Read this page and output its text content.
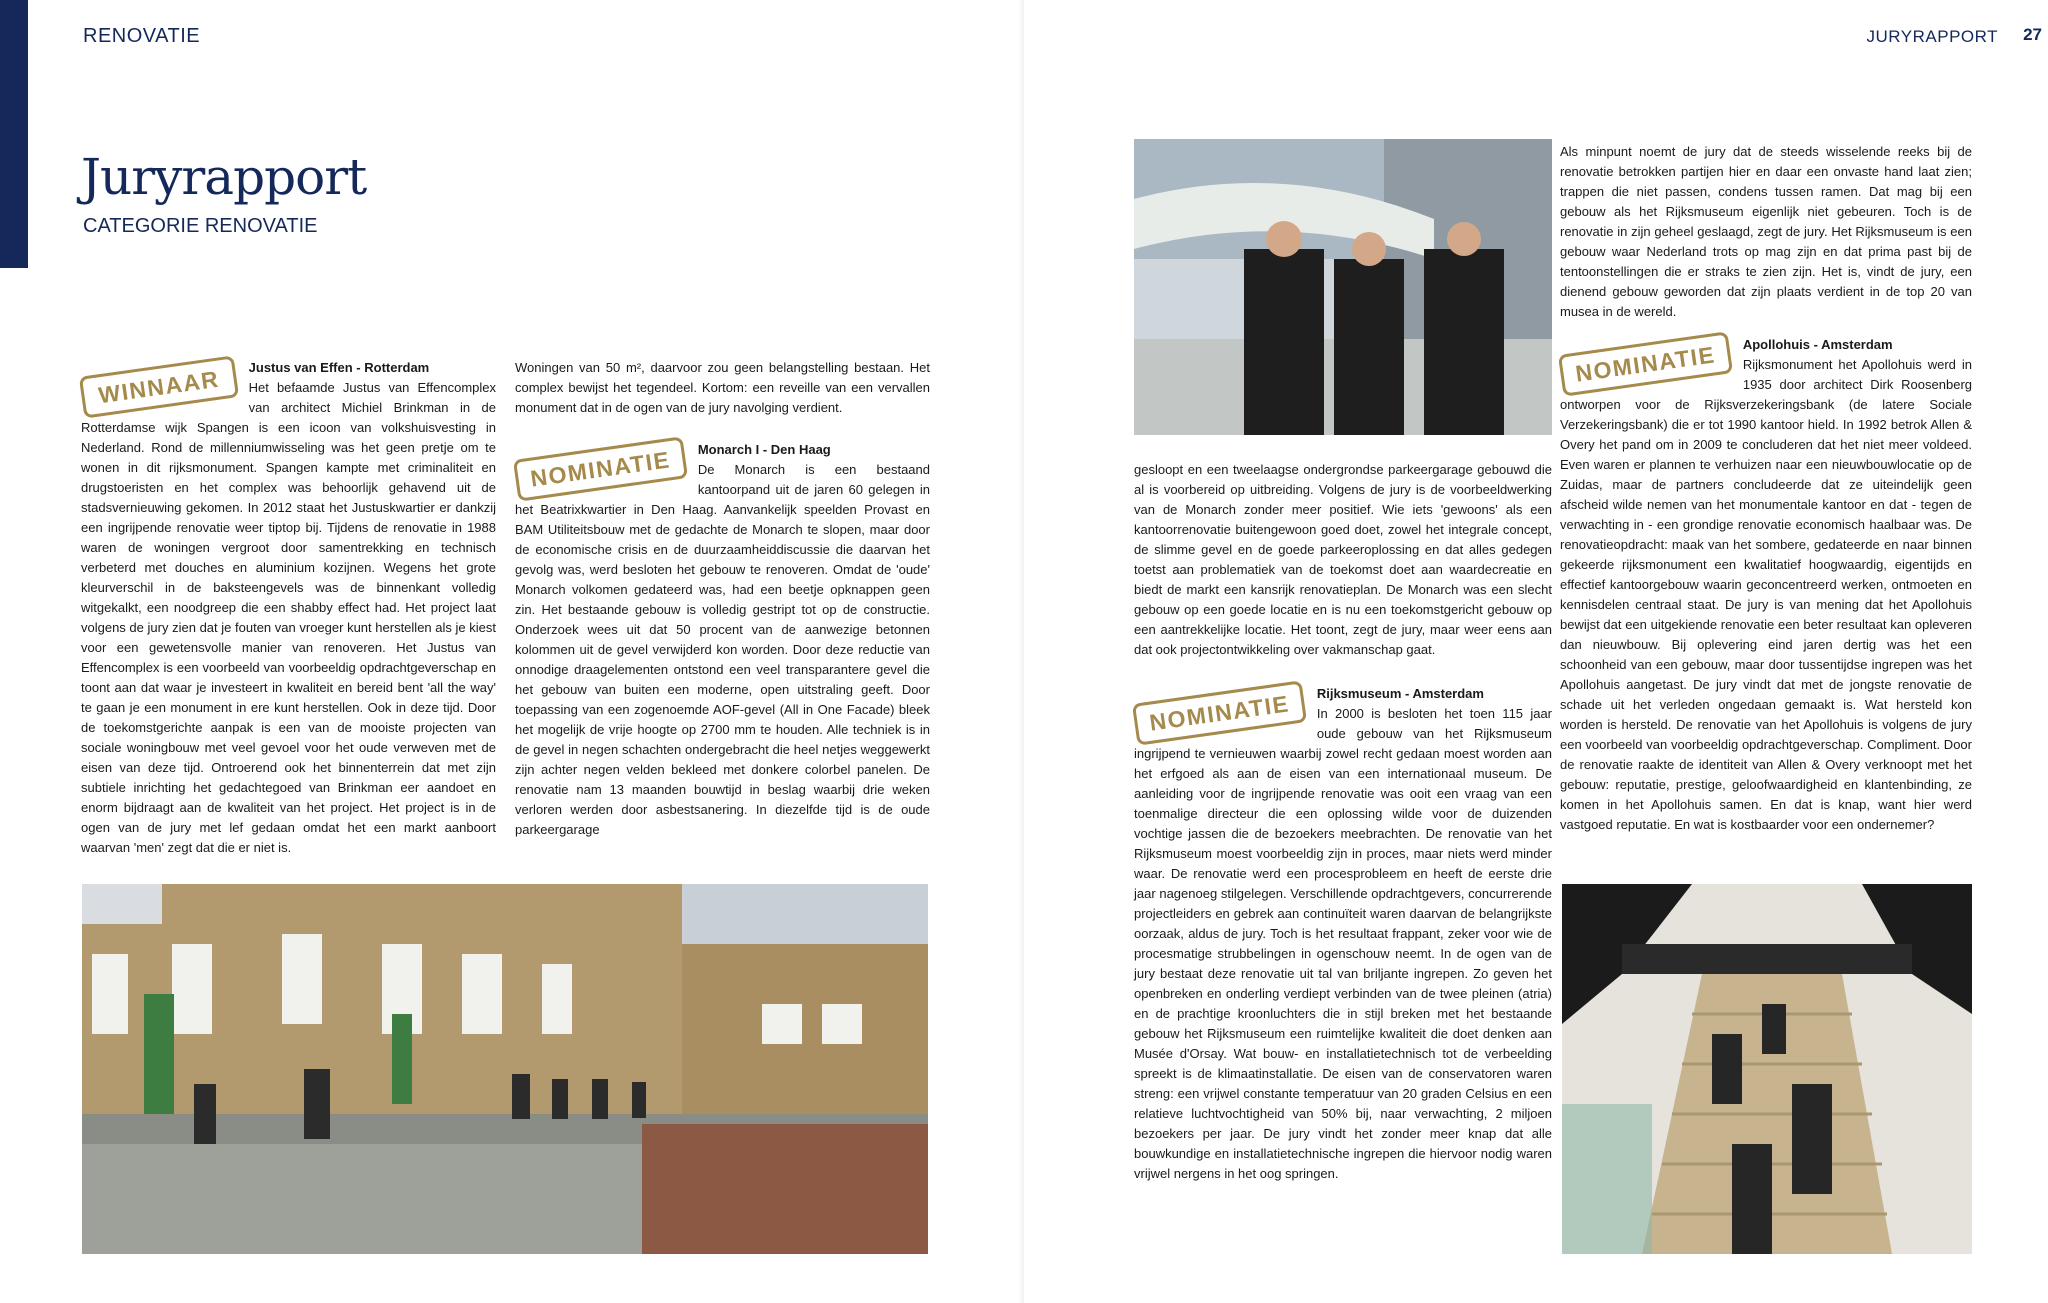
RENOVATIE
Juryrapport
CATEGORIE RENOVATIE
WINNAAR	Justus van Effen - Rotterdam

Het befaamde Justus van Effencomplex van architect Michiel Brinkman in de Rotterdamse wijk Spangen is een icoon van volkshuisvesting in Nederland. Rond de millenniumwisseling was het geen pretje om te wonen in dit rijksmonument. Spangen kampte met criminaliteit en drugstoeristen en het complex was behoorlijk gehavend uit de stadsvernieuwing gekomen. In 2012 staat het Justuskwartier er dankzij een ingrijpende renovatie weer tiptop bij. Tijdens de renovatie in 1988 waren de woningen vergroot door samentrekking en technisch verbeterd met douches en aluminium kozijnen. Wegens het grote kleurverschil in de baksteengevels was de binnenkant volledig witgekalkt, een noodgreep die een shabby effect had. Het project laat volgens de jury zien dat je fouten van vroeger kunt herstellen als je kiest voor een gewetensvolle manier van renoveren. Het Justus van Effencomplex is een voorbeeld van voorbeeldig opdrachtgeverschap en toont aan dat waar je investeert in kwaliteit en bereid bent 'all the way' te gaan je een monument in ere kunt herstellen. Ook in deze tijd. Door de toekomstgerichte aanpak is een van de mooiste projecten van sociale woningbouw met veel gevoel voor het oude verweven met de eisen van deze tijd. Ontroerend ook het binnenterrein dat met zijn subtiele inrichting het gedachtegoed van Brinkman eer aandoet en enorm bijdraagt aan de kwaliteit van het project. Het project is in de ogen van de jury met lef gedaan omdat het een markt aanboort waarvan 'men' zegt dat die er niet is.

Woningen van 50 m², daarvoor zou geen belangstelling bestaan. Het complex bewijst het tegendeel. Kortom: een reveille van een vervallen monument dat in de ogen van de jury navolging verdient.

NOMINATIE	Monarch I - Den Haag

De Monarch is een bestaand kantoorpand uit de jaren 60 gelegen in het Beatrixkwartier in Den Haag. Aanvankelijk speelden Provast en BAM Utiliteitsbouw met de gedachte de Monarch te slopen, maar door de economische crisis en de duurzaamheiddiscussie die daarvan het gevolg was, werd besloten het gebouw te renoveren. Omdat de 'oude' Monarch volkomen gedateerd was, had een beetje opknappen geen zin. Het bestaande gebouw is volledig gestript tot op de constructie. Onderzoek wees uit dat 50 procent van de aanwezige betonnen kolommen uit de gevel verwijderd kon worden. Door deze reductie van onnodige draagelementen ontstond een veel transparantere gevel die het gebouw van buiten een moderne, open uitstraling geeft. Door toepassing van een zogenoemde AOF-gevel (All in One Facade) bleek het mogelijk de vrije hoogte op 2700 mm te houden. Alle techniek is in de gevel in negen schachten ondergebracht die heel netjes weggewerkt zijn achter negen velden bekleed met donkere colorbel panelen. De renovatie nam 13 maanden bouwtijd in beslag waarbij drie weken verloren werden door asbestsanering. In diezelfde tijd is de oude parkeergarage

JURYRAPPORT 27

Als minpunt noemt de jury dat de steeds wisselende reeks bij de renovatie betrokken partijen hier en daar een onvaste hand laat zien; trappen die niet passen, condens tussen ramen. Dat mag bij een gebouw als het Rijksmuseum eigenlijk niet gebeuren. Toch is de renovatie in zijn geheel geslaagd, zegt de jury. Het Rijksmuseum is een gebouw waar Nederland trots op mag zijn en dat prima past bij de tentoonstellingen die er straks te zien zijn. Het is, vindt de jury, een dienend gebouw geworden dat zijn plaats verdient in de top 20 van musea in de wereld.

gesloopt en een tweelaagse ondergrondse parkeergarage gebouwd die al is voorbereid op uitbreiding. Volgens de jury is de voorbeeldwerking van de Monarch zonder meer positief. Wie iets 'gewoons' als een kantoorrenovatie buitengewoon goed doet, zowel het integrale concept, de slimme gevel en de goede parkeeroplossing en dat alles gedegen toetst aan problematiek van de toekomst doet aan waardecreatie en biedt de markt een kansrijk renovatieplan. De Monarch was een slecht gebouw op een goede locatie en is nu een toekomstgericht gebouw op een aantrekkelijke locatie. Het toont, zegt de jury, maar weer eens aan dat ook projectontwikkeling over vakmanschap gaat.

NOMINATIE	Rijksmuseum - Amsterdam

In 2000 is besloten het toen 115 jaar oude gebouw van het Rijksmuseum ingrijpend te vernieuwen waarbij zowel recht gedaan moest worden aan het erfgoed als aan de eisen van een internationaal museum. De aanleiding voor de ingrijpende renovatie was ooit een vraag van een toenmalige directeur die een oplossing wilde voor de duizenden vochtige jassen die de bezoekers meebrachten. De renovatie van het Rijksmuseum moest voorbeeldig zijn in proces, maar niets werd minder waar. De renovatie werd een procesprobleem en heeft de eerste drie jaar nagenoeg stilgelegen. Verschillende opdrachtgevers, concurrerende projectleiders en gebrek aan continuïteit waren daarvan de belangrijkste oorzaak, aldus de jury. Toch is het resultaat frappant, zeker voor wie de procesmatige strubbelingen in ogenschouw neemt. In de ogen van de jury bestaat deze renovatie uit tal van briljante ingrepen. Zo geven het openbreken en onderling verdiept verbinden van de twee pleinen (atria) en de prachtige kroonluchters die in stijl breken met het bestaande gebouw het Rijksmuseum een ruimtelijke kwaliteit die doet denken aan Musée d'Orsay. Wat bouw- en installatietechnisch tot de verbeelding spreekt is de klimaatinstallatie. De eisen van de conservatoren waren streng: een vrijwel constante temperatuur van 20 graden Celsius en een relatieve luchtvochtigheid van 50% bij, naar verwachting, 2 miljoen bezoekers per jaar. De jury vindt het zonder meer knap dat alle bouwkundige en installatietechnische ingrepen die hiervoor nodig waren vrijwel nergens in het oog springen.

NOMINATIE	Apollohuis - Amsterdam

Rijksmonument het Apollohuis werd in 1935 door architect Dirk Roosenberg ontworpen voor de Rijksverzekeringsbank (de latere Sociale Verzekeringsbank) die er tot 1990 kantoor hield. In 1992 betrok Allen & Overy het pand om in 2009 te concluderen dat het niet meer voldeed. Even waren er plannen te verhuizen naar een nieuwbouwlocatie op de Zuidas, maar de partners concludeerde dat ze uiteindelijk geen afscheid wilde nemen van het monumentale kantoor en dat - tegen de verwachting in - een grondige renovatie economisch haalbaar was. De renovatieopdracht: maak van het sombere, gedateerde en naar binnen gekeerde rijksmonument een kwalitatief hoogwaardig, eigentijds en effectief kantoorgebouw waarin geconcentreerd werken, ontmoeten en kennisdelen centraal staat. De jury is van mening dat het Apollohuis bewijst dat een uitgekiende renovatie een beter resultaat kan opleveren dan nieuwbouw. Bij oplevering eind jaren dertig was het een schoonheid van een gebouw, maar door tussentijdse ingrepen was het Apollohuis aangetast. De jury vindt dat met de jongste renovatie de schade uit het verleden ongedaan gemaakt is. Wat hersteld kon worden is hersteld. De renovatie van het Apollohuis is volgens de jury een voorbeeld van voorbeeldig opdrachtgeverschap. Compliment. Door de renovatie raakte de identiteit van Allen & Overy verknoopt met het gebouw: reputatie, prestige, geloofwaardigheid en klantenbinding, ze komen in het Apollohuis samen. En dat is knap, want hier werd vastgoed reputatie. En wat is kostbaarder voor een ondernemer?
